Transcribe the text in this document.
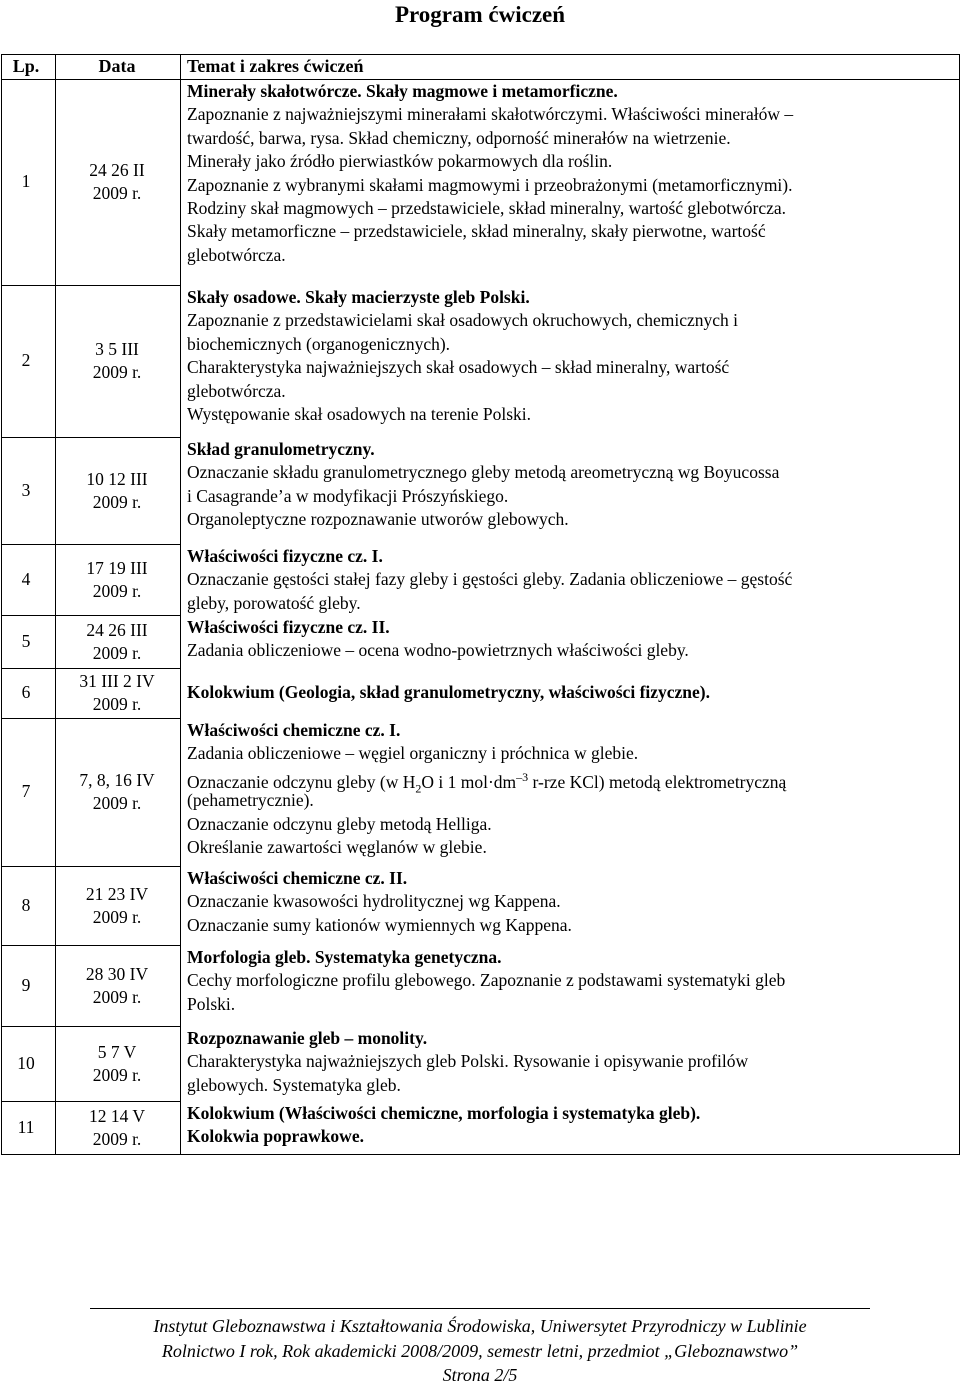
Program ćwiczeń
Lp.	Data	Temat i zakres ćwiczeń
1
24 26 II
2009 r.
Minerały skałotwórcze. Skały magmowe i metamorficzne.
Zapoznanie z najważniejszymi minerałami skałotwórczymi. Właściwości minerałów –
twardość, barwa, rysa. Skład chemiczny, odporność minerałów na wietrzenie.
Minerały jako źródło pierwiastków pokarmowych dla roślin.
Zapoznanie z wybranymi skałami magmowymi i przeobrażonymi (metamorficznymi).
Rodziny skał magmowych – przedstawiciele, skład mineralny, wartość glebotwórcza.
Skały metamorficzne – przedstawiciele, skład mineralny, skały pierwotne, wartość
glebotwórcza.
2
3 5 III
2009 r.
Skały osadowe. Skały macierzyste gleb Polski.
Zapoznanie z przedstawicielami skał osadowych okruchowych, chemicznych i
biochemicznych (organogenicznych).
Charakterystyka najważniejszych skał osadowych – skład mineralny, wartość
glebotwórcza.
Występowanie skał osadowych na terenie Polski.
3
10 12 III
2009 r.
Skład granulometryczny.
Oznaczanie składu granulometrycznego gleby metodą areometryczną wg Boyucossa
i Casagrande’a w modyfikacji Prószyńskiego.
Organoleptyczne rozpoznawanie utworów glebowych.
4
17 19 III
2009 r.
Właściwości fizyczne cz. I.
Oznaczanie gęstości stałej fazy gleby i gęstości gleby. Zadania obliczeniowe – gęstość
gleby, porowatość gleby.
5
24 26 III
2009 r.
Właściwości fizyczne cz. II.
Zadania obliczeniowe – ocena wodno-powietrznych właściwości gleby.
6
31 III 2 IV
2009 r.
Kolokwium (Geologia, skład granulometryczny, właściwości fizyczne).
7
7, 8, 16 IV
2009 r.
Właściwości chemiczne cz. I.
Zadania obliczeniowe – węgiel organiczny i próchnica w glebie.
Oznaczanie odczynu gleby (w $H_2O$ i 1 $mol\cdot dm^{-3}$ r-rze KCl) metodą elektrometryczną
(pehametrycznie).
Oznaczanie odczynu gleby metodą Helliga.
Określanie zawartości węglanów w glebie.
8
21 23 IV
2009 r.
Właściwości chemiczne cz. II.
Oznaczanie kwasowości hydrolitycznej wg Kappena.
Oznaczanie sumy kationów wymiennych wg Kappena.
9
28 30 IV
2009 r.
Morfologia gleb. Systematyka genetyczna.
Cechy morfologiczne profilu glebowego. Zapoznanie z podstawami systematyki gleb
Polski.
10
5 7 V
2009 r.
Rozpoznawanie gleb – monolity.
Charakterystyka najważniejszych gleb Polski. Rysowanie i opisywanie profilów
glebowych. Systematyka gleb.
11
12 14 V
2009 r.
Kolokwium (Właściwości chemiczne, morfologia i systematyka gleb).
Kolokwia poprawkowe.
Instytut Gleboznawstwa i Kształtowania Środowiska, Uniwersytet Przyrodniczy w Lublinie
Rolnictwo I rok, Rok akademicki 2008/2009, semestr letni, przedmiot „Gleboznawstwo”
Strona 2/5
